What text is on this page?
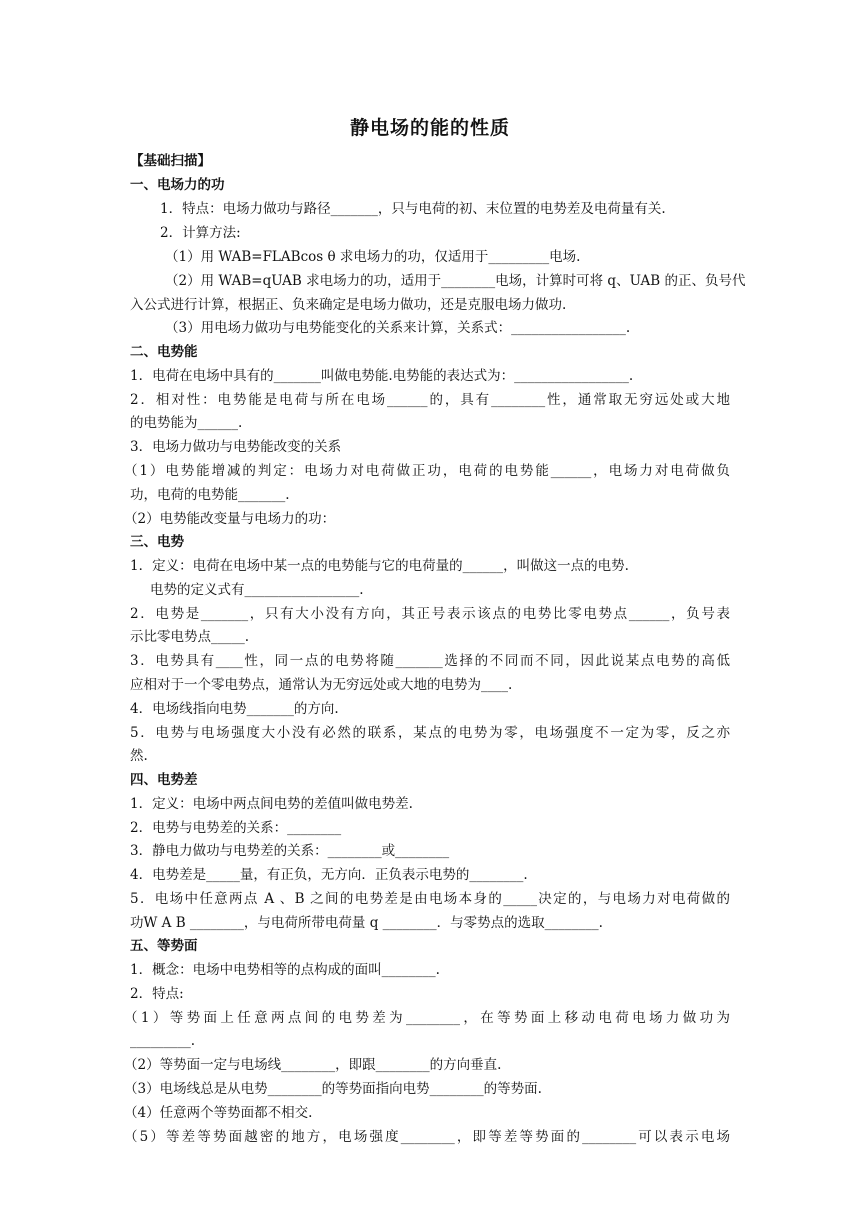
静电场的能的性质
【基础扫描】
一、电场力的功
1．特点：电场力做功与路径_______，只与电荷的初、末位置的电势差及电荷量有关.
2．计算方法:
（1）用 WAB=FLABcos θ 求电场力的功，仅适用于_________电场.
（2）用 WAB=qUAB 求电场力的功，适用于________电场，计算时可将 q、UAB 的正、负号代
入公式进行计算，根据正、负来确定是电场力做功，还是克服电场力做功.
（3）用电场力做功与电势能变化的关系来计算，关系式：_________________.
二、电势能
1．电荷在电场中具有的_______叫做电势能.电势能的表达式为：_________________.
2．相对性：电势能是电荷与所在电场______的，具有________性，通常取无穷远处或大地
的电势能为______.
3．电场力做功与电势能改变的关系
（1）电势能增减的判定：电场力对电荷做正功，电荷的电势能______，电场力对电荷做负
功，电荷的电势能_______.
（2）电势能改变量与电场力的功：
三、电势
1．定义：电荷在电场中某一点的电势能与它的电荷量的______，叫做这一点的电势.
电势的定义式有_________________.
2．电势是_______，只有大小没有方向，其正号表示该点的电势比零电势点______，负号表
示比零电势点_____.
3．电势具有____性，同一点的电势将随_______选择的不同而不同，因此说某点电势的高低
应相对于一个零电势点，通常认为无穷远处或大地的电势为____.
4．电场线指向电势_______的方向.
5．电势与电场强度大小没有必然的联系，某点的电势为零，电场强度不一定为零，反之亦
然.
四、电势差
1．定义：电场中两点间电势的差值叫做电势差.
2．电势与电势差的关系：________
3．静电力做功与电势差的关系：________或________
4．电势差是_____量，有正负，无方向．正负表示电势的________.
5．电场中任意两点 A 、B 之间的电势差是由电场本身的_____决定的，与电场力对电荷做的
功W A B ________，与电荷所带电荷量 q ________．与零势点的选取________.
五、等势面
1．概念：电场中电势相等的点构成的面叫________.
2．特点:
（1）等势面上任意两点间的电势差为________，在等势面上移动电荷电场力做功为
_________.
（2）等势面一定与电场线________，即跟________的方向垂直.
（3）电场线总是从电势________的等势面指向电势________的等势面.
（4）任意两个等势面都不相交.
（5）等差等势面越密的地方，电场强度________，即等差等势面的________可以表示电场
